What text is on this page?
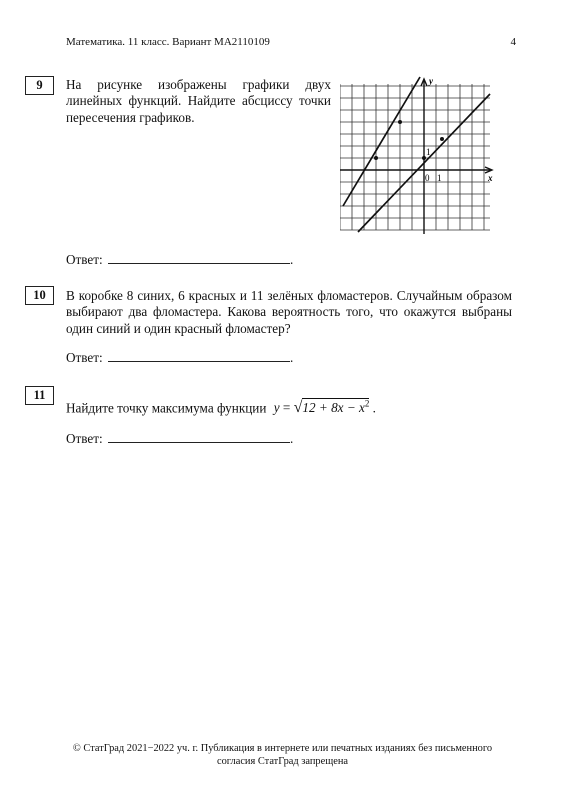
Математика. 11 класс. Вариант МА2110109	4
9	На рисунке изображены графики двух линейных функций. Найдите абсциссу точки пересечения графиков.
y
x
0 1
1
Ответ:	.
10	В коробке 8 синих, 6 красных и 11 зелёных фломастеров. Случайным образом выбирают два фломастера. Какова вероятность того, что окажутся выбраны один синий и один красный фломастер?
Ответ:	.
11
Найдите точку максимума функции $y = √12 + 8x - x^2$ .
Ответ:	.
© СтатГрад 2021−2022 уч. г. Публикация в интернете или печатных изданиях без письменного
согласия СтатГрад запрещена
